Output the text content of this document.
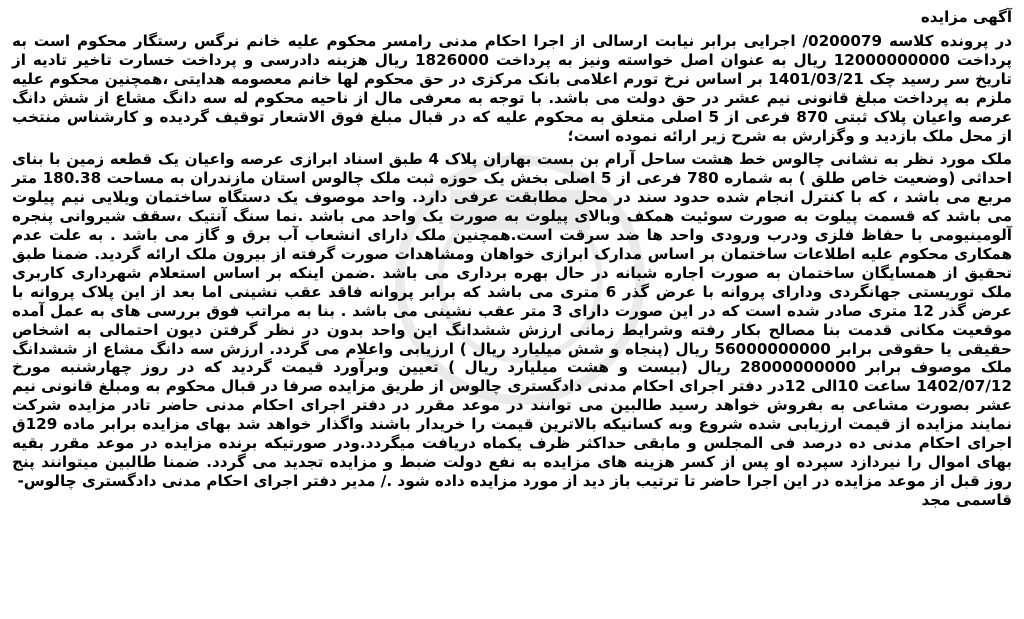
آگهی مزایده

در پرونده کلاسه 0200079/ اجرایی برابر نیابت ارسالی از اجرا احکام مدنی رامسر محکوم علیه خانم نرگس رستگار محکوم است به پرداخت 12000000000 ریال به عنوان اصل خواسته ونیز به پرداخت 1826000 ریال هزینه دادرسی و پرداخت خسارت تاخیر تادیه از تاریخ سر رسید چک 1401/03/21 بر اساس نرخ تورم اعلامی بانک مرکزی در حق محکوم لها خانم معصومه هدایتی ،همچنین محکوم علیه ملزم به پرداخت مبلغ قانونی نیم عشر در حق دولت می باشد. با توجه به معرفی مال از ناحیه محکوم له سه دانگ مشاع از شش دانگ عرصه واعیان پلاک ثبتی 870 فرعی از 5 اصلی متعلق به محکوم علیه که در قبال مبلغ فوق الاشعار توقیف گردیده و کارشناس منتخب از محل ملک بازدید و وگزارش به شرح زیر ارائه نموده است؛

ملک مورد نظر به نشانی چالوس خط هشت ساحل آرام بن بست بهاران پلاک 4 طبق اسناد ابرازی عرصه واعیان یک قطعه زمین با بنای احداثی (وضعیت خاص طلق ) به شماره 780 فرعی از 5 اصلی بخش یک حوزه ثبت ملک چالوس استان مازندران به مساحت 180.38 متر مربع می باشد ، که با کنترل انجام شده حدود سند در محل مطابقت عرفی دارد. واحد موصوف یک دستگاه ساختمان ویلایی نیم پیلوت می باشد که قسمت پیلوت به صورت سوئیت همکف وبالای پیلوت به صورت یک واحد می باشد .نما سنگ آنتیک ،سقف شیروانی پنجره آلومینیومی با حفاظ فلزی ودرب ورودی واحد ها ضد سرقت است.همچنین ملک دارای انشعاب آب برق و گاز می باشد . به علت عدم همکاری محکوم علیه اطلاعات ساختمان بر اساس مدارک ابرازی خواهان ومشاهدات صورت گرفته از بیرون ملک ارائه گردید. ضمنا طبق تحقیق از همسایگان ساختمان به صورت اجاره شبانه در حال بهره برداری می باشد .ضمن اینکه بر اساس استعلام شهرداری کاربری ملک توریستی جهانگردی ودارای پروانه با عرض گذر 6 متری می باشد که برابر پروانه فاقد عقب نشینی اما بعد از این پلاک پروانه با عرض گذر 12 متری صادر شده است که در این صورت دارای 3 متر عقب نشینی می باشد . بنا به مراتب فوق بررسی های به عمل آمده موقعیت مکانی قدمت بنا مصالح بکار رفته وشرایط زمانی ارزش ششدانگ این واحد بدون در نظر گرفتن دیون احتمالی به اشخاص حقیقی یا حقوقی برابر 56000000000 ریال (پنجاه و شش میلیارد ریال ) ارزیابی واعلام می گردد. ارزش سه دانگ مشاع از ششدانگ ملک موصوف برابر 28000000000 ریال (بیست و هشت میلیارد ریال ) تعیین وبرآورد قیمت گردید که در روز چهارشنبه مورخ 1402/07/12 ساعت 10الی 12در دفتر اجرای احکام مدنی دادگستری چالوس از طریق مزایده صرفا در قبال محکوم به ومبلغ قانونی نیم عشر بصورت مشاعی به بفروش خواهد رسید طالبین می توانند در موعد مقرر در دفتر اجرای احکام مدنی حاضر تادر مزایده شرکت نمایند مزایده از قیمت ارزیابی شده شروع وبه کسانیکه بالاترین قیمت را خریدار باشند واگذار خواهد شد بهای مزایده برابر ماده 129ق اجرای احکام مدنی ده درصد فی المجلس و مابقی حداکثر ظرف یکماه دریافت میگردد.ودر صورتیکه برنده مزایده در موعد مقرر بقیه بهای اموال را نیردازد سپرده او پس از کسر هزینه های مزایده به نفع دولت ضبط و مزایده تجدید می گردد. ضمنا طالبین میتوانند پنج روز قبل از موعد مزایده در این اجرا حاضر تا ترتیب باز دید از مورد مزایده داده شود ./ مدیر دفتر اجرای احکام مدنی دادگستری چالوس-

قاسمی مجد
